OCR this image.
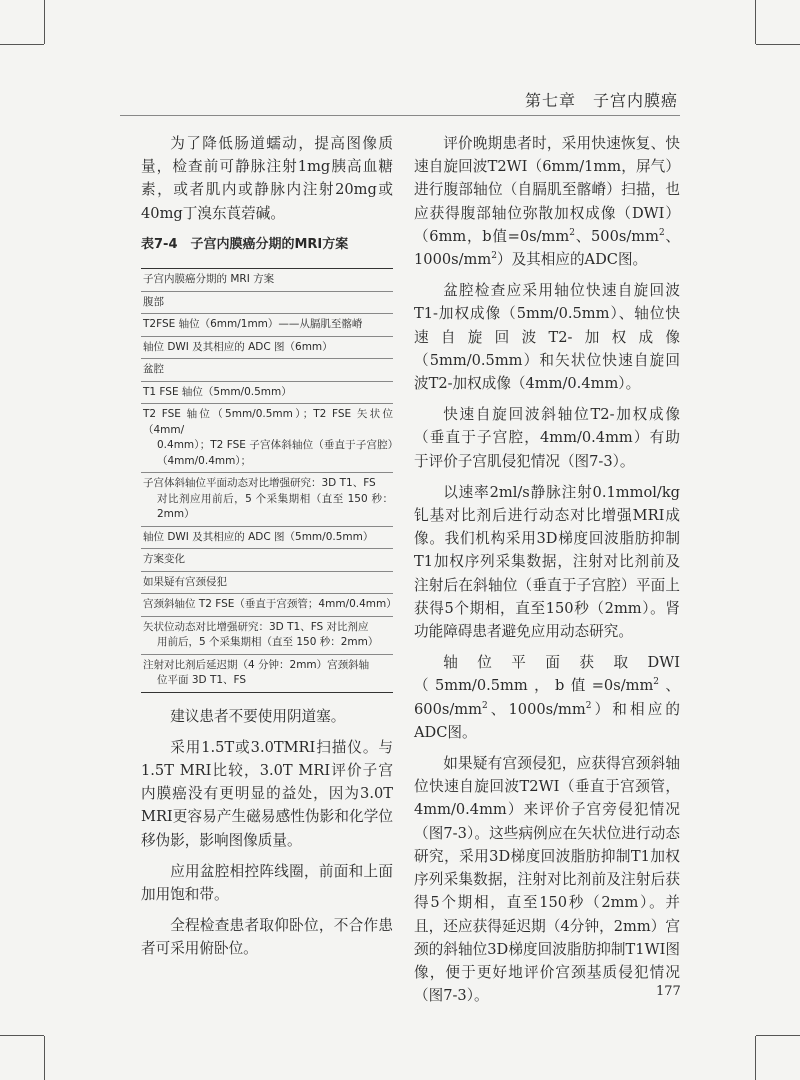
第七章　子宫内膜癌

为了降低肠道蠕动，提高图像质量，检查前可静脉注射1mg胰高血糖素，或者肌内或静脉内注射20mg或40mg丁溴东莨菪碱。

表7-4　子宫内膜癌分期的MRI方案
子宫内膜癌分期的 MRI 方案
腹部
T2FSE 轴位（6mm/1mm）——从膈肌至髂嵴
轴位 DWI 及其相应的 ADC 图（6mm）
盆腔
T1 FSE 轴位（5mm/0.5mm）
T2 FSE 轴位（5mm/0.5mm）；T2 FSE 矢状位（4mm/
0.4mm）；T2 FSE 子宫体斜轴位（垂直于子宫腔）（4mm/0.4mm）；
子宫体斜轴位平面动态对比增强研究：3D T1、FS
对比剂应用前后，5 个采集期相（直至 150 秒：2mm）
轴位 DWI 及其相应的 ADC 图（5mm/0.5mm）
方案变化
如果疑有宫颈侵犯
宫颈斜轴位 T2 FSE（垂直于宫颈管；4mm/0.4mm）
矢状位动态对比增强研究：3D T1、FS 对比剂应
用前后，5 个采集期相（直至 150 秒：2mm）
注射对比剂后延迟期（4 分钟：2mm）宫颈斜轴
位平面 3D T1、FS

建议患者不要使用阴道塞。

采用1.5T或3.0TMRI扫描仪。与1.5T MRI比较，3.0T MRI评价子宫内膜癌没有更明显的益处，因为3.0T MRI更容易产生磁易感性伪影和化学位移伪影，影响图像质量。

应用盆腔相控阵线圈，前面和上面加用饱和带。

全程检查患者取仰卧位，不合作患者可采用俯卧位。

评价晚期患者时，采用快速恢复、快速自旋回波T2WI（6mm/1mm，屏气）进行腹部轴位（自膈肌至髂嵴）扫描，也应获得腹部轴位弥散加权成像（DWI）（6mm，b值$=0s/mm^2$、$500s/mm^2$、$1000s/mm^2$）及其相应的ADC图。

盆腔检查应采用轴位快速自旋回波T1-加权成像（5mm/0.5mm）、轴位快速自旋回波T2-加权成像（5mm/0.5mm）和矢状位快速自旋回波T2-加权成像（4mm/0.4mm）。

快速自旋回波斜轴位T2-加权成像（垂直于子宫腔，4mm/0.4mm）有助于评价子宫肌侵犯情况（图7-3）。

以速率2ml/s静脉注射0.1mmol/kg钆基对比剂后进行动态对比增强MRI成像。我们机构采用3D梯度回波脂肪抑制T1加权序列采集数据，注射对比剂前及注射后在斜轴位（垂直于子宫腔）平面上获得5个期相，直至150秒（2mm）。肾功能障碍患者避免应用动态研究。

轴位平面获取DWI（5mm/0.5mm，b值$=0s/mm^2$、$600s/mm^2$、$1000s/mm^2$）和相应的ADC图。

如果疑有宫颈侵犯，应获得宫颈斜轴位快速自旋回波T2WI（垂直于宫颈管，4mm/0.4mm）来评价子宫旁侵犯情况（图7-3）。这些病例应在矢状位进行动态研究，采用3D梯度回波脂肪抑制T1加权序列采集数据，注射对比剂前及注射后获得5个期相，直至150秒（2mm）。并且，还应获得延迟期（4分钟，2mm）宫颈的斜轴位3D梯度回波脂肪抑制T1WI图像，便于更好地评价宫颈基质侵犯情况（图7-3）。	177
